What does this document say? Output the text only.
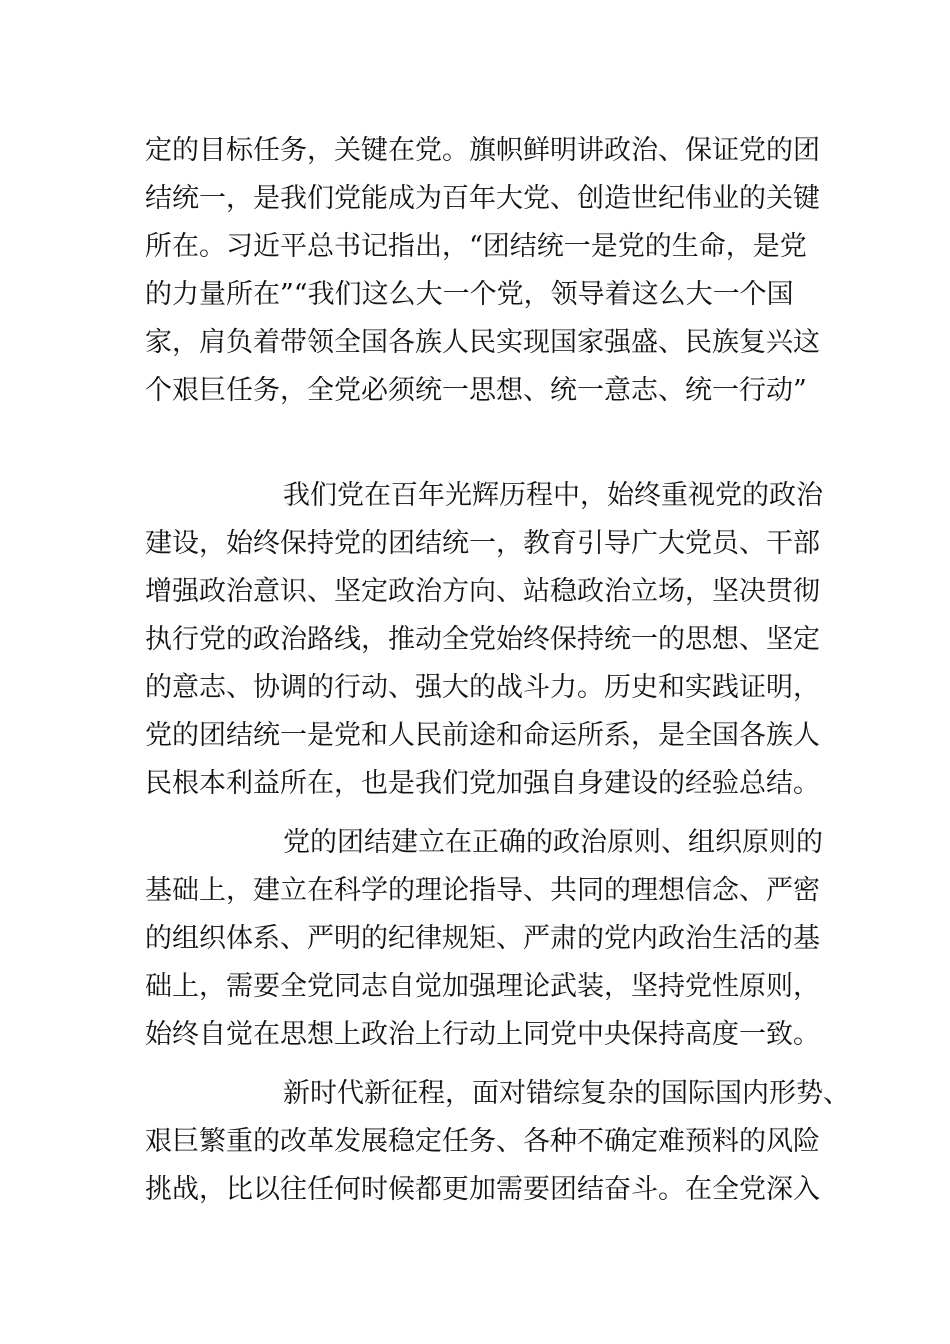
定的目标任务，关键在党。旗帜鲜明讲政治、保证党的团
结统一，是我们党能成为百年大党、创造世纪伟业的关键
所在。习近平总书记指出，“团结统一是党的生命，是党
的力量所在”“我们这么大一个党，领导着这么大一个国
家，肩负着带领全国各族人民实现国家强盛、民族复兴这
个艰巨任务，全党必须统一思想、统一意志、统一行动”
我们党在百年光辉历程中，始终重视党的政治
建设，始终保持党的团结统一，教育引导广大党员、干部
增强政治意识、坚定政治方向、站稳政治立场，坚决贯彻
执行党的政治路线，推动全党始终保持统一的思想、坚定
的意志、协调的行动、强大的战斗力。历史和实践证明，
党的团结统一是党和人民前途和命运所系，是全国各族人
民根本利益所在，也是我们党加强自身建设的经验总结。
党的团结建立在正确的政治原则、组织原则的
基础上，建立在科学的理论指导、共同的理想信念、严密
的组织体系、严明的纪律规矩、严肃的党内政治生活的基
础上，需要全党同志自觉加强理论武装，坚持党性原则，
始终自觉在思想上政治上行动上同党中央保持高度一致。
新时代新征程，面对错综复杂的国际国内形势、
艰巨繁重的改革发展稳定任务、各种不确定难预料的风险
挑战，比以往任何时候都更加需要团结奋斗。在全党深入
